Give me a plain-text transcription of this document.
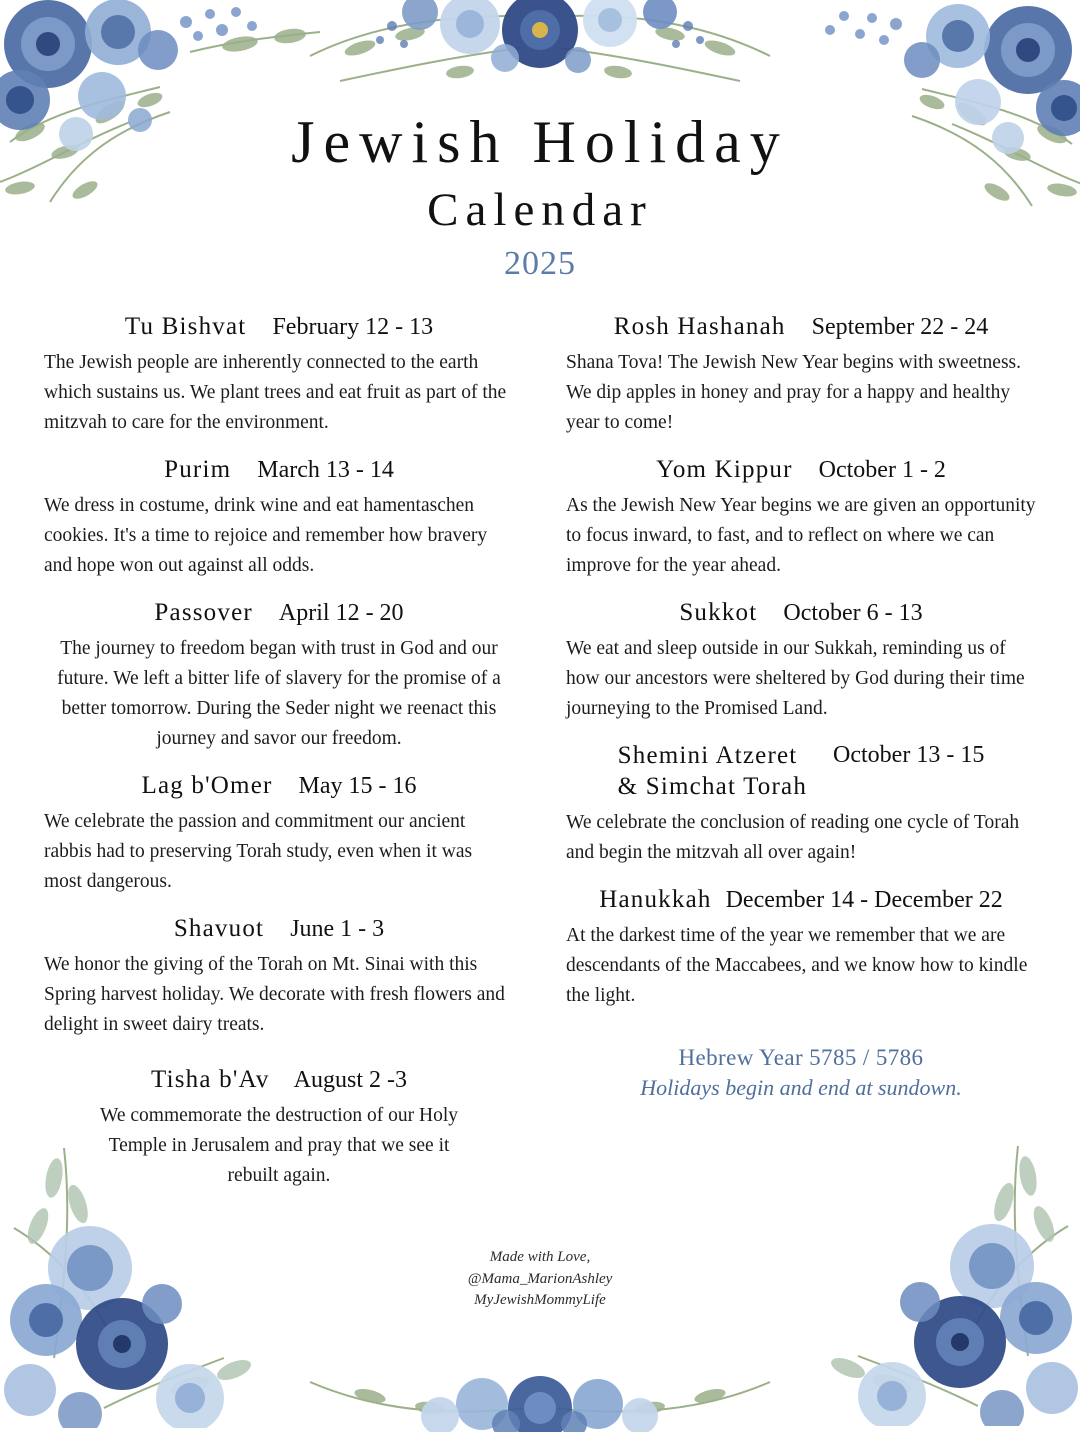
Jewish Holiday
Calendar
2025
Tu Bishvat February 12 - 13
The Jewish people are inherently connected to the earth which sustains us. We plant trees and eat fruit as part of the mitzvah to care for the environment.
Purim March 13 - 14
We dress in costume, drink wine and eat hamentaschen cookies. It's a time to rejoice and remember how bravery and hope won out against all odds.
Passover April 12 - 20
The journey to freedom began with trust in God and our future. We left a bitter life of slavery for the promise of a better tomorrow. During the Seder night we reenact this journey and savor our freedom.
Lag b'Omer May 15 - 16
We celebrate the passion and commitment our ancient rabbis had to preserving Torah study, even when it was most dangerous.
Shavuot June 1 - 3
We honor the giving of the Torah on Mt. Sinai with this Spring harvest holiday. We decorate with fresh flowers and delight in sweet dairy treats.
Tisha b'Av August 2 -3
We commemorate the destruction of our Holy Temple in Jerusalem and pray that we see it rebuilt again.
Rosh Hashanah September 22 - 24
Shana Tova! The Jewish New Year begins with sweetness. We dip apples in honey and pray for a happy and healthy year to come!
Yom Kippur October 1 - 2
As the Jewish New Year begins we are given an opportunity to focus inward, to fast, and to reflect on where we can improve for the year ahead.
Sukkot October 6 - 13
We eat and sleep outside in our Sukkah, reminding us of how our ancestors were sheltered by God during their time journeying to the Promised Land.
Shemini Atzeret
& Simchat Torah
October 13 - 15
We celebrate the conclusion of reading one cycle of Torah and begin the mitzvah all over again!
Hanukkah December 14 - December 22
At the darkest time of the year we remember that we are descendants of the Maccabees, and we know how to kindle the light.
Hebrew Year 5785 / 5786
Holidays begin and end at sundown.
Made with Love,
@Mama_MarionAshley
MyJewishMommyLife
